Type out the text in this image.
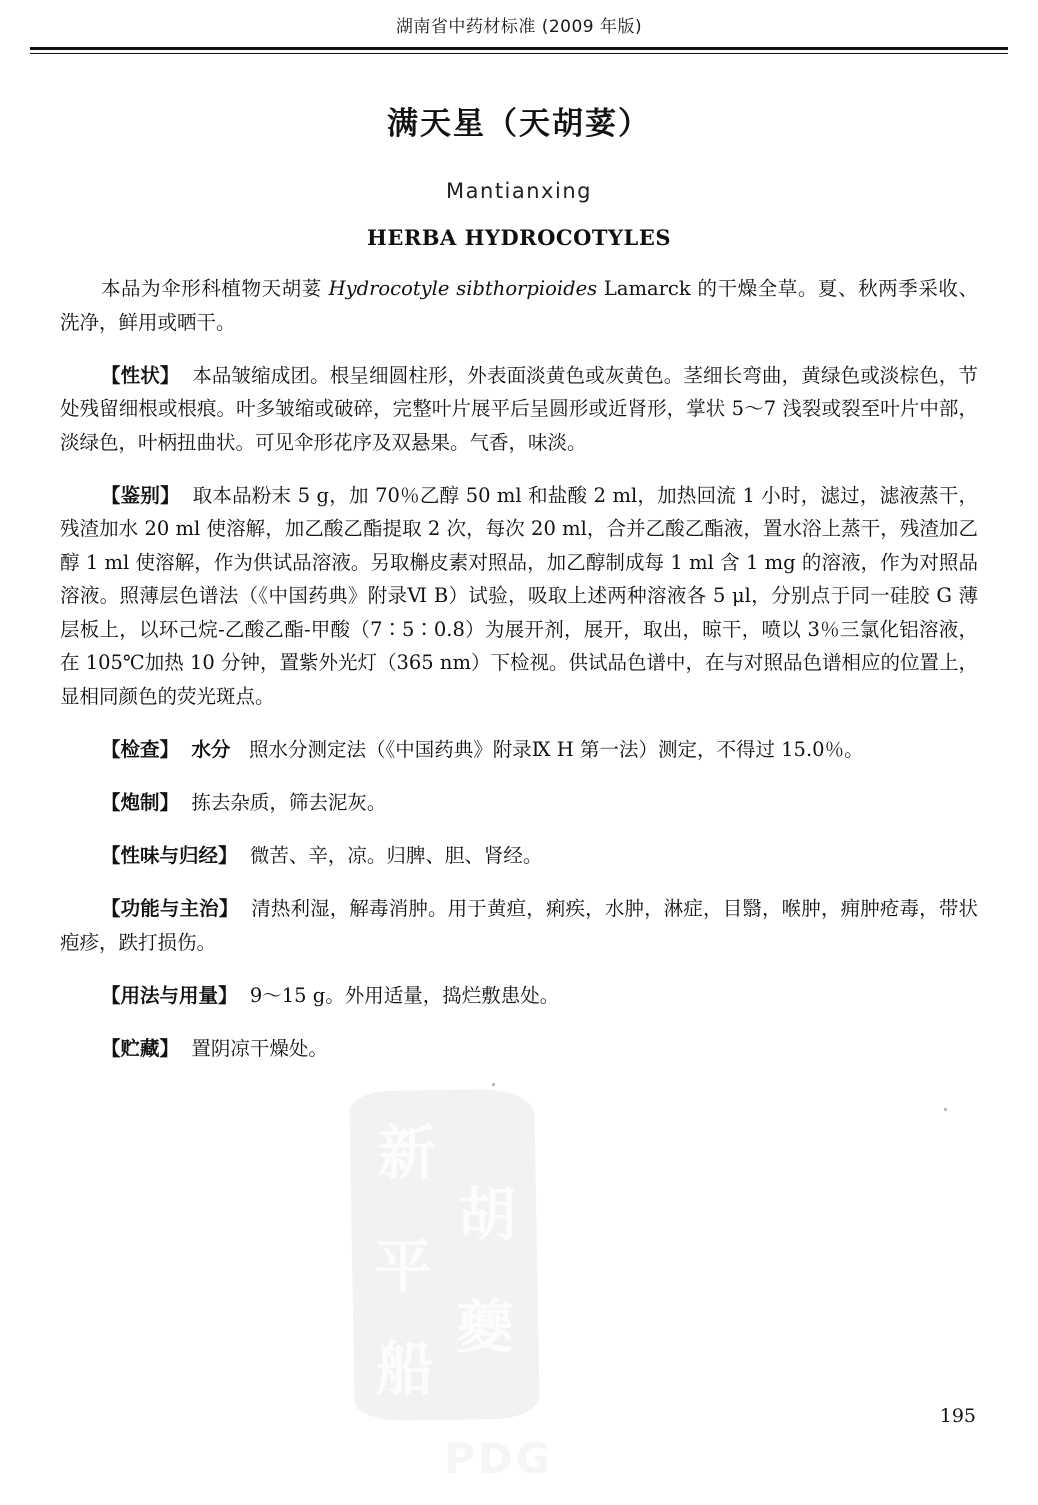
湖南省中药材标准 (2009 年版)
满天星（天胡荽）
Mantianxing
HERBA HYDROCOTYLES

本品为伞形科植物天胡荽 Hydrocotyle sibthorpioides Lamarck 的干燥全草。夏、秋两季采收、洗净，鲜用或晒干。

【性状】 本品皱缩成团。根呈细圆柱形，外表面淡黄色或灰黄色。茎细长弯曲，黄绿色或淡棕色，节处残留细根或根痕。叶多皱缩或破碎，完整叶片展平后呈圆形或近肾形，掌状 5～7 浅裂或裂至叶片中部，淡绿色，叶柄扭曲状。可见伞形花序及双悬果。气香，味淡。

【鉴别】 取本品粉末 5 g，加 70％乙醇 50 ml 和盐酸 2 ml，加热回流 1 小时，滤过，滤液蒸干，残渣加水 20 ml 使溶解，加乙酸乙酯提取 2 次，每次 20 ml，合并乙酸乙酯液，置水浴上蒸干，残渣加乙醇 1 ml 使溶解，作为供试品溶液。另取槲皮素对照品，加乙醇制成每 1 ml 含 1 mg 的溶液，作为对照品溶液。照薄层色谱法（《中国药典》附录Ⅵ B）试验，吸取上述两种溶液各 5 μl，分别点于同一硅胶 G 薄层板上，以环己烷-乙酸乙酯-甲酸（7∶5∶0.8）为展开剂，展开，取出，晾干，喷以 3％三氯化铝溶液，在 105℃加热 10 分钟，置紫外光灯（365 nm）下检视。供试品色谱中，在与对照品色谱相应的位置上，显相同颜色的荧光斑点。

【检查】 水分 照水分测定法（《中国药典》附录Ⅸ H 第一法）测定，不得过 15.0％。

【炮制】 拣去杂质，筛去泥灰。

【性味与归经】 微苦、辛，凉。归脾、胆、肾经。

【功能与主治】 清热利湿，解毒消肿。用于黄疸，痢疾，水肿，淋症，目翳，喉肿，痈肿疮毒，带状疱疹，跌打损伤。

【用法与用量】 9～15 g。外用适量，捣烂敷患处。

【贮藏】 置阴凉干燥处。

新
胡
平
夔
船
PDG
195
